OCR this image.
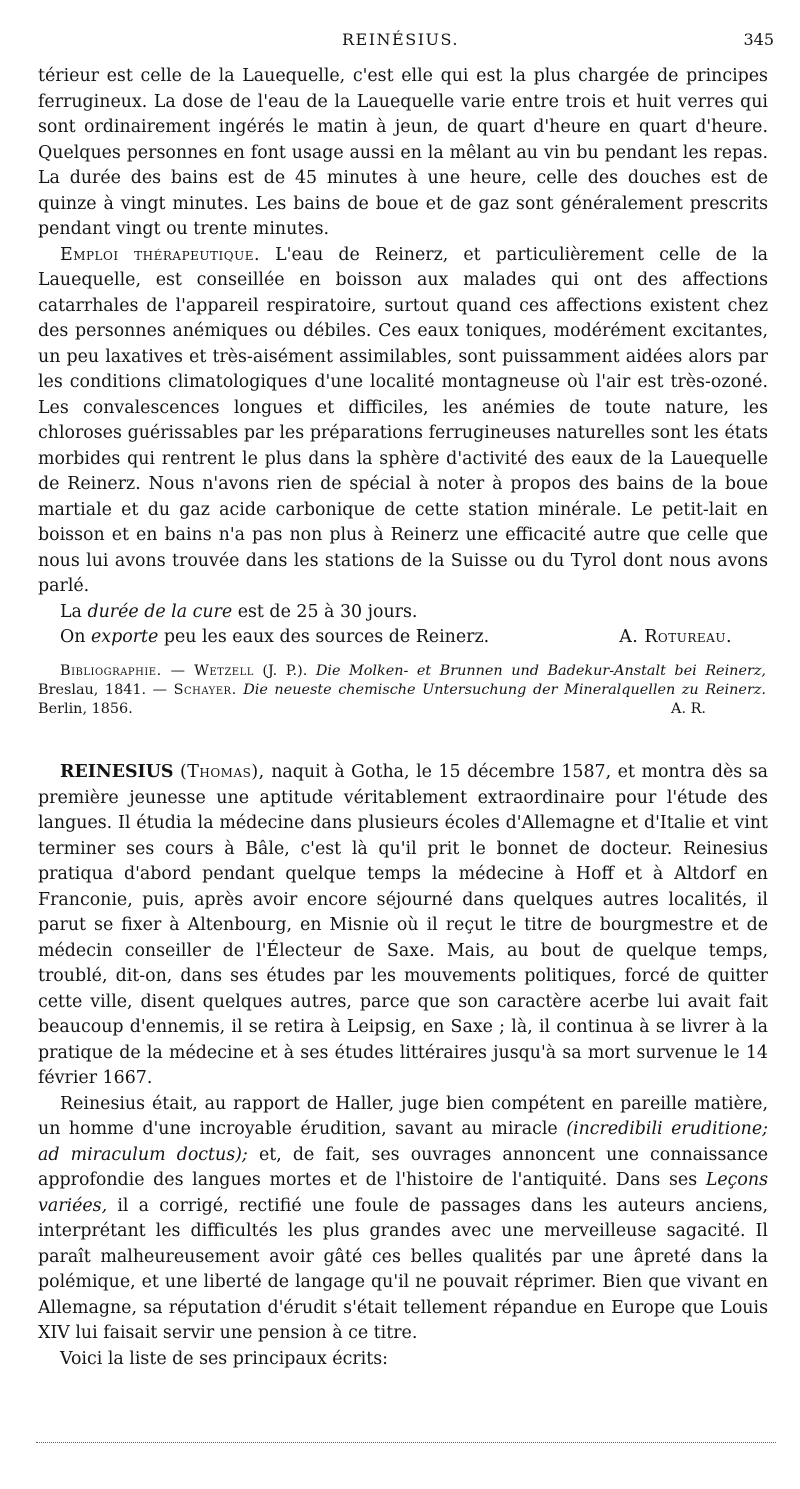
REINÉSIUS.	345

térieur est celle de la Lauequelle, c'est elle qui est la plus chargée de principes ferrugineux. La dose de l'eau de la Lauequelle varie entre trois et huit verres qui sont ordinairement ingérés le matin à jeun, de quart d'heure en quart d'heure. Quelques personnes en font usage aussi en la mêlant au vin bu pendant les repas. La durée des bains est de 45 minutes à une heure, celle des douches est de quinze à vingt minutes. Les bains de boue et de gaz sont généralement prescrits pendant vingt ou trente minutes.

Emploi thérapeutique. L'eau de Reinerz, et particulièrement celle de la Lauequelle, est conseillée en boisson aux malades qui ont des affections catarrhales de l'appareil respiratoire, surtout quand ces affections existent chez des personnes anémiques ou débiles. Ces eaux toniques, modérément excitantes, un peu laxatives et très-aisément assimilables, sont puissamment aidées alors par les conditions climatologiques d'une localité montagneuse où l'air est très-ozoné. Les convalescences longues et difficiles, les anémies de toute nature, les chloroses guérissables par les préparations ferrugineuses naturelles sont les états morbides qui rentrent le plus dans la sphère d'activité des eaux de la Lauequelle de Reinerz. Nous n'avons rien de spécial à noter à propos des bains de la boue martiale et du gaz acide carbonique de cette station minérale. Le petit-lait en boisson et en bains n'a pas non plus à Reinerz une efficacité autre que celle que nous lui avons trouvée dans les stations de la Suisse ou du Tyrol dont nous avons parlé.

La durée de la cure est de 25 à 30 jours.

On exporte peu les eaux des sources de Reinerz.	A. Rotureau.

Bibliographie. — Wetzell (J. P.). Die Molken- et Brunnen und Badekur-Anstalt bei Reinerz, Breslau, 1841. — Schayer. Die neueste chemische Untersuchung der Mineralquellen zu Reinerz. Berlin, 1856.	A. R.

REINESIUS (Thomas), naquit à Gotha, le 15 décembre 1587, et montra dès sa première jeunesse une aptitude véritablement extraordinaire pour l'étude des langues. Il étudia la médecine dans plusieurs écoles d'Allemagne et d'Italie et vint terminer ses cours à Bâle, c'est là qu'il prit le bonnet de docteur. Reinesius pratiqua d'abord pendant quelque temps la médecine à Hoff et à Altdorf en Franconie, puis, après avoir encore séjourné dans quelques autres localités, il parut se fixer à Altenbourg, en Misnie où il reçut le titre de bourgmestre et de médecin conseiller de l'Électeur de Saxe. Mais, au bout de quelque temps, troublé, dit-on, dans ses études par les mouvements politiques, forcé de quitter cette ville, disent quelques autres, parce que son caractère acerbe lui avait fait beaucoup d'ennemis, il se retira à Leipsig, en Saxe ; là, il continua à se livrer à la pratique de la médecine et à ses études littéraires jusqu'à sa mort survenue le 14 février 1667.

Reinesius était, au rapport de Haller, juge bien compétent en pareille matière, un homme d'une incroyable érudition, savant au miracle (incredibili eruditione; ad miraculum doctus); et, de fait, ses ouvrages annoncent une connaissance approfondie des langues mortes et de l'histoire de l'antiquité. Dans ses Leçons variées, il a corrigé, rectifié une foule de passages dans les auteurs anciens, interprétant les difficultés les plus grandes avec une merveilleuse sagacité. Il paraît malheureusement avoir gâté ces belles qualités par une âpreté dans la polémique, et une liberté de langage qu'il ne pouvait réprimer. Bien que vivant en Allemagne, sa réputation d'érudit s'était tellement répandue en Europe que Louis XIV lui faisait servir une pension à ce titre.

Voici la liste de ses principaux écrits:
